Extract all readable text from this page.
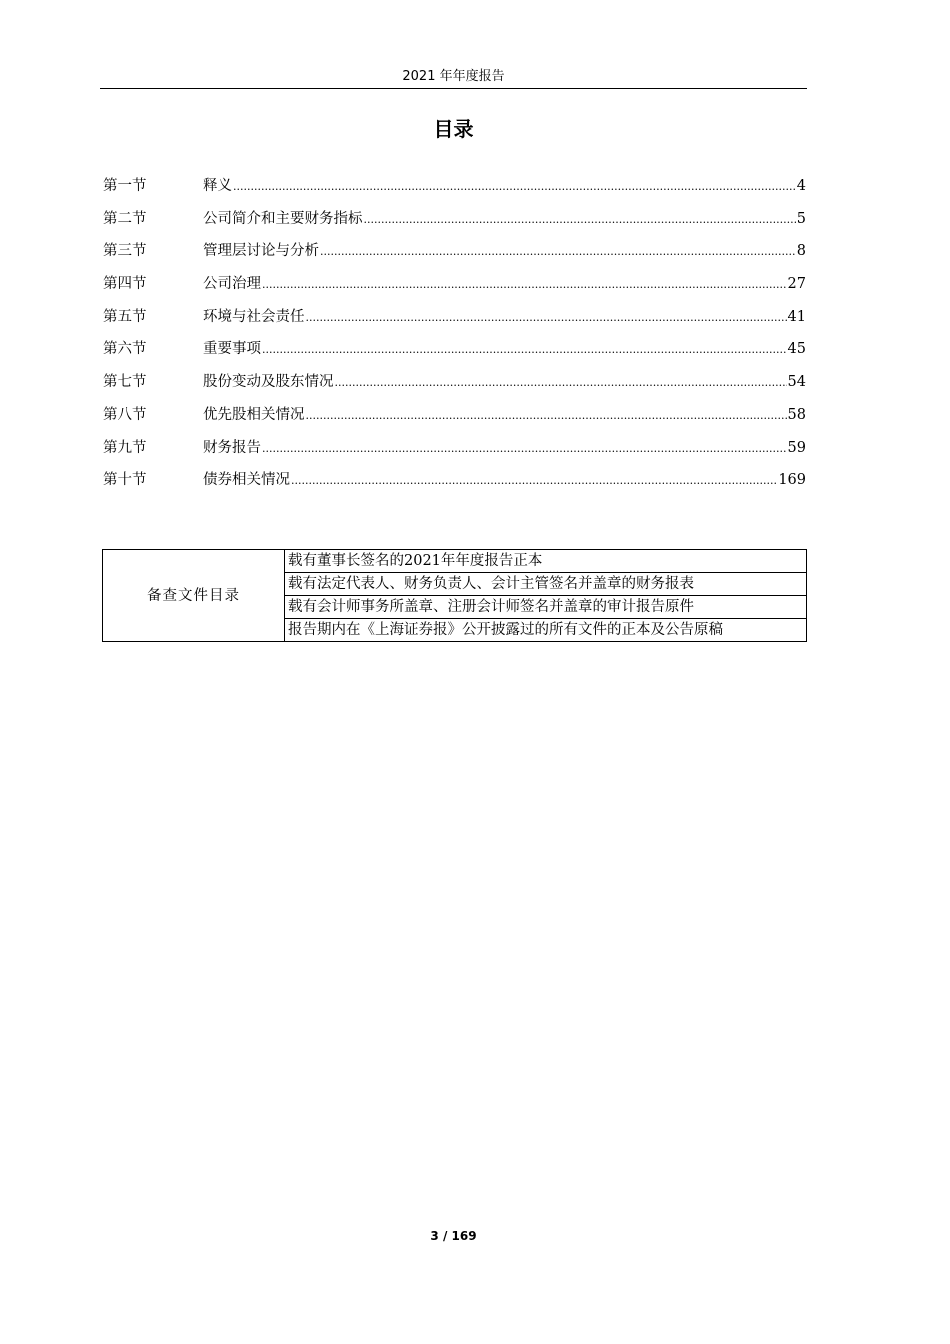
2021 年年度报告
目录
第一节	释义 .....	4
第二节	公司简介和主要财务指标 .....	5
第三节	管理层讨论与分析 .....	8
第四节	公司治理 .....	27
第五节	环境与社会责任 .....	41
第六节	重要事项 .....	45
第七节	股份变动及股东情况 .....	54
第八节	优先股相关情况 .....	58
第九节	财务报告 .....	59
第十节	债券相关情况 .....	169
备查文件目录	载有董事长签名的2021年年度报告正本
载有法定代表人、财务负责人、会计主管签名并盖章的财务报表
载有会计师事务所盖章、注册会计师签名并盖章的审计报告原件
报告期内在《上海证券报》公开披露过的所有文件的正本及公告原稿
3 / 169
